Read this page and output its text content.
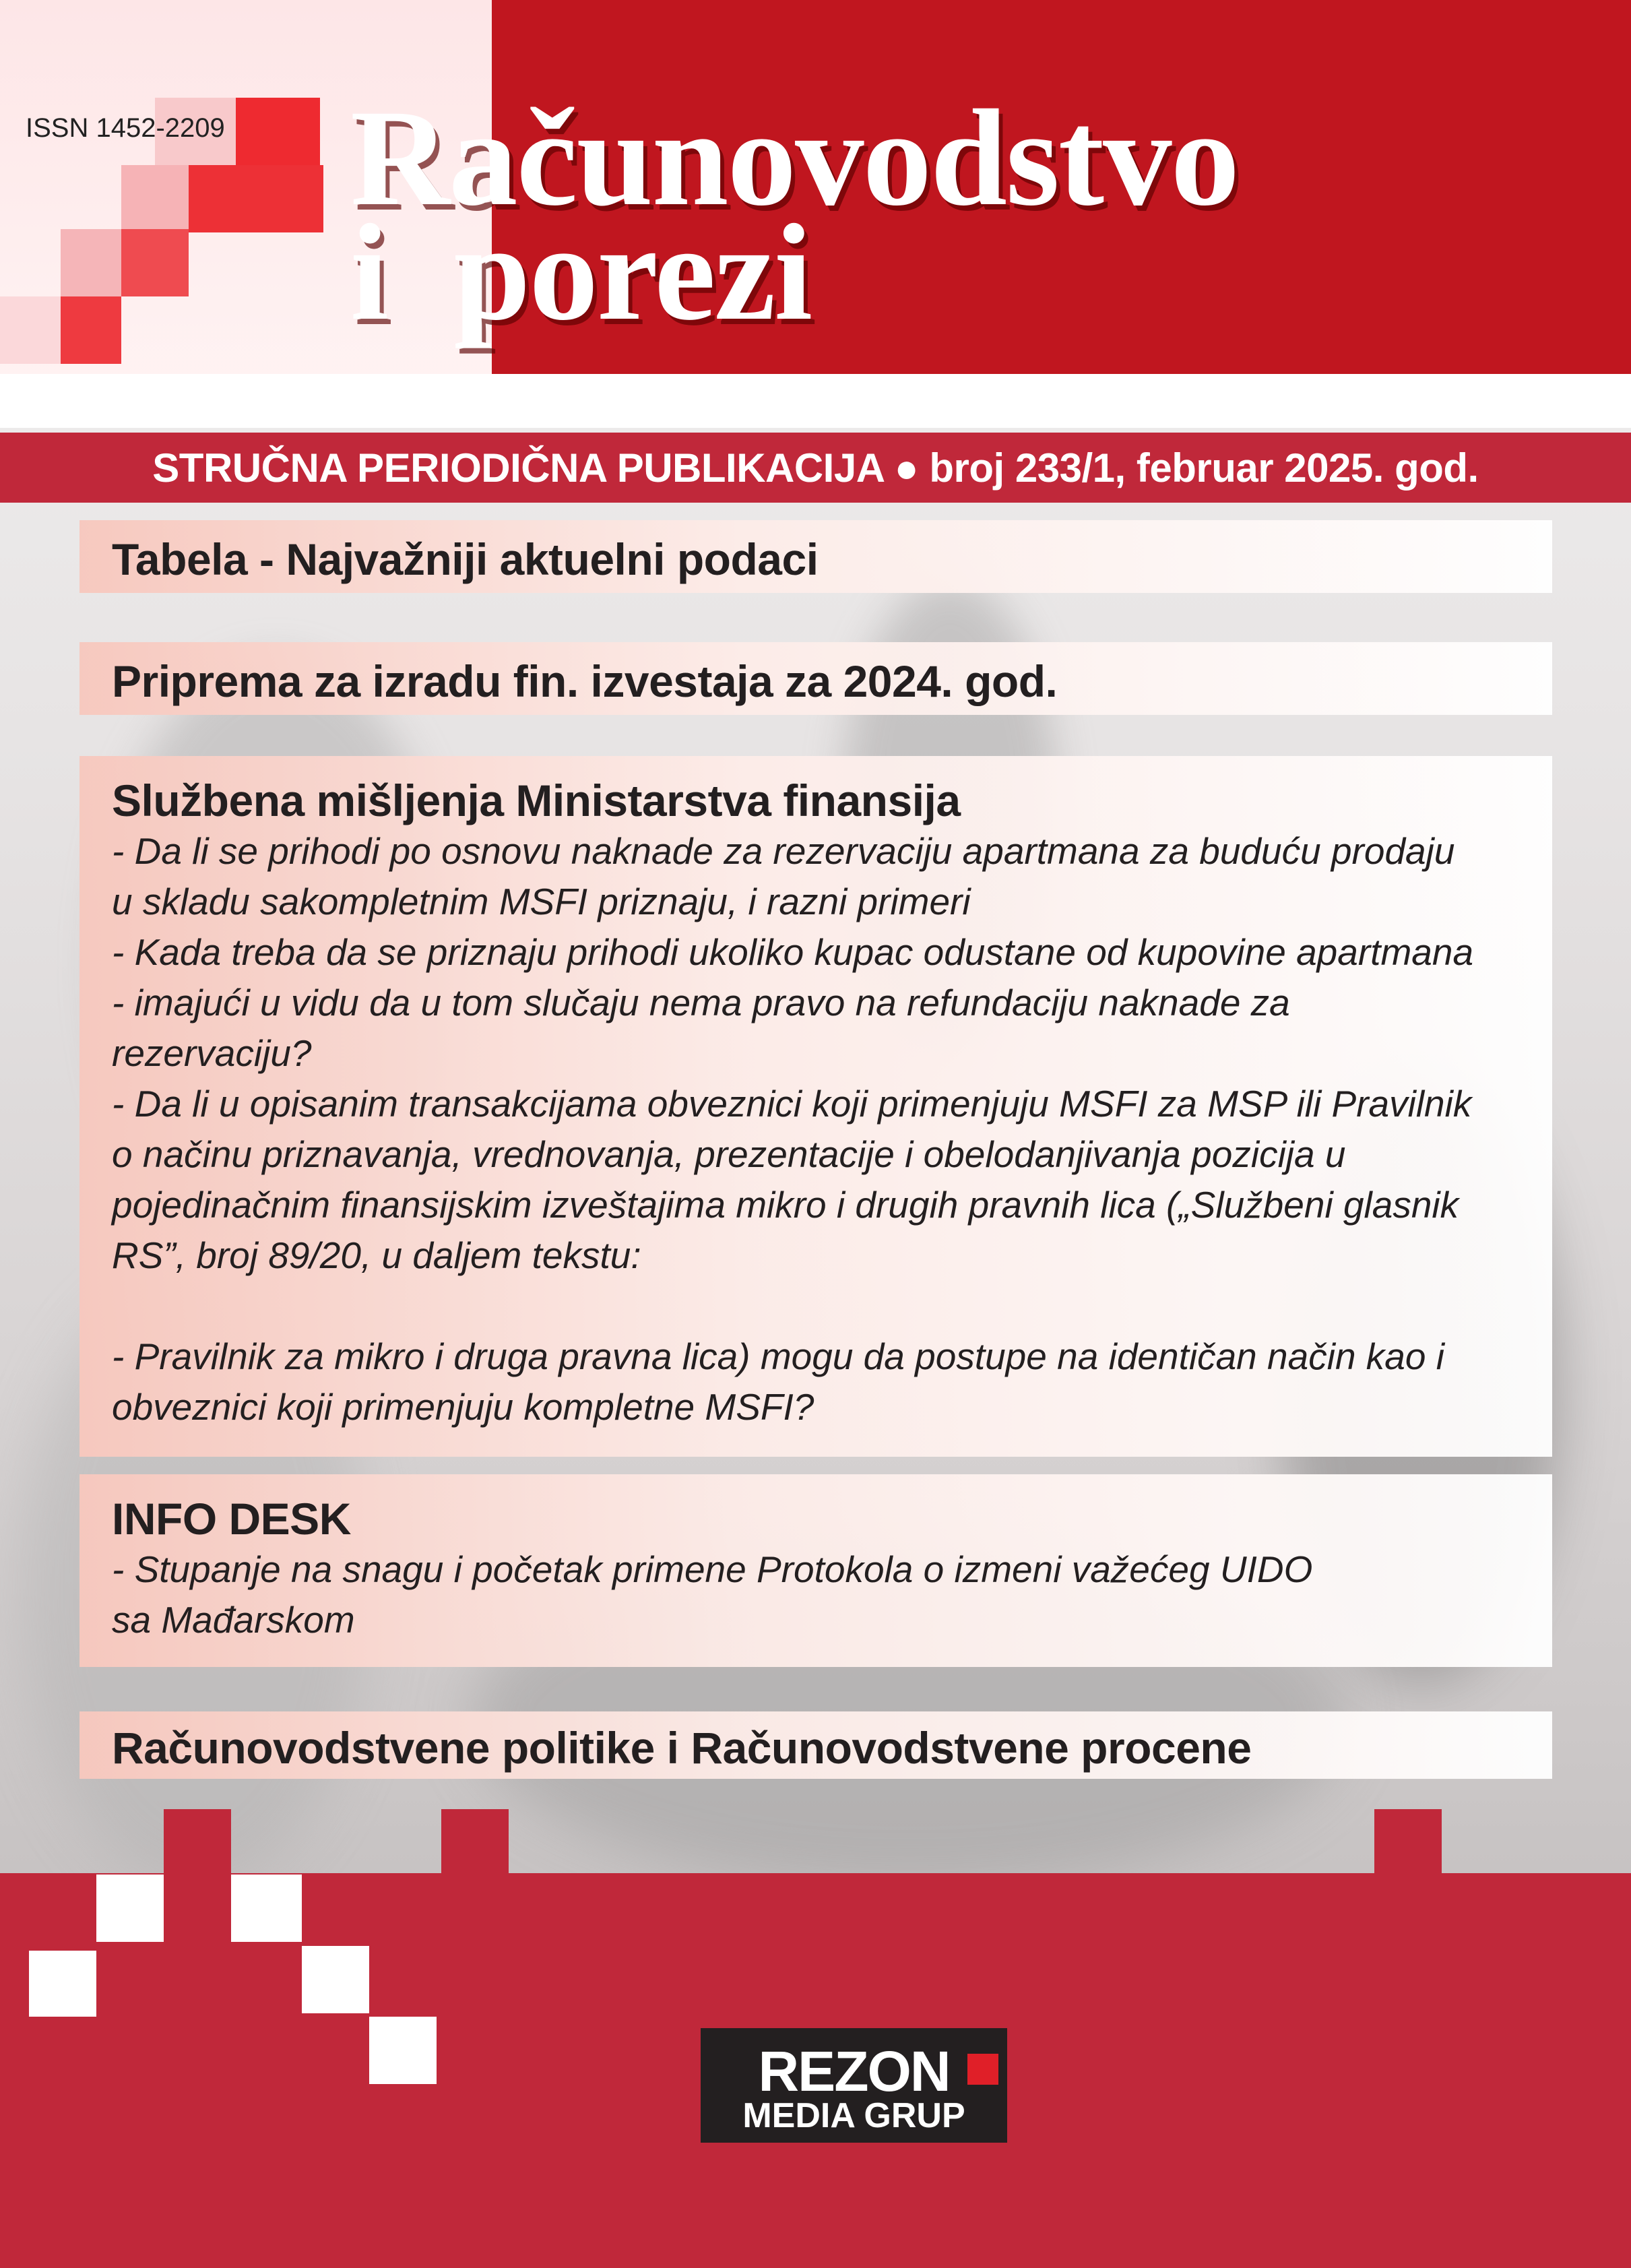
ISSN 1452-2209 Računovodstvo
i  porezi
STRUČNA PERIODIČNA PUBLIKACIJA ● broj 233/1, februar 2025. god.
Tabela - Najvažniji aktuelni podaci
Priprema za izradu fin. izvestaja za 2024. god.
Službena mišljenja Ministarstva finansija
- Da li se prihodi po osnovu naknade za rezervaciju apartmana za buduću prodaju
u skladu sakompletnim MSFI priznaju, i razni primeri
- Kada treba da se priznaju prihodi ukoliko kupac odustane od kupovine apartmana
- imajući u vidu da u tom slučaju nema pravo na refundaciju naknade za
rezervaciju?
- Da li u opisanim transakcijama obveznici koji primenjuju MSFI za MSP ili Pravilnik
o načinu priznavanja, vrednovanja, prezentacije i obelodanjivanja pozicija u
pojedinačnim finansijskim izveštajima mikro i drugih pravnih lica („Službeni glasnik
RS”, broj 89/20, u daljem tekstu:
- Pravilnik za mikro i druga pravna lica) mogu da postupe na identičan način kao i
obveznici koji primenjuju kompletne MSFI?
INFO DESK
- Stupanje na snagu i početak primene Protokola o izmeni važećeg UIDO
sa Mađarskom
Računovodstvene politike i Računovodstvene procene
REZON
MEDIA GRUP
